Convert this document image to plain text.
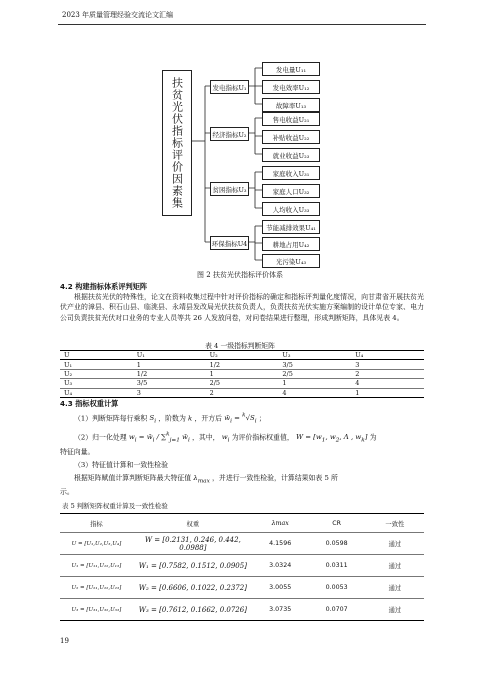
2023 年质量管理经验交流论文汇编
扶贫光伏指标评价因素集	发电指标U₁
经济指标U₂
贫困指标U₃
环保指标U4
发电量U₁₁
发电效率U₁₂
故障率U₁₃
售电收益U₂₁
补贴收益U₂₂
就业收益U₂₃
家庭收入U₃₁
家庭人口U₃₂
人均收入U₃₃
节能减排效果U₄₁
耕地占用U₄₂
光污染U₄₃
图 2 扶贫光伏指标评价体系
4.2 构建指标体系评判矩阵
根据扶贫光伏的特殊性，论文在资料收集过程中针对评价指标的确定和指标评判量化度情况，向甘肃省开展扶贫光伏产业的漳县、积石山县、临洮县、永靖县发改局光伏扶贫负责人，负责扶贫光伏实施方案编制的设计单位专家、电力公司负责扶贫光伏对口业务的专业人员等共 26 人发放问卷，对问卷结果进行整理，形成判断矩阵，具体见表 4。
表 4 一级指标判断矩阵
U	U₁	U₂	U₃	U₄
U₁	1	1/2	3/5	3
U₂	1/2	1	2/5	2
U₃	3/5	2/5	1	4
U₄	3	2	4	1
4.3 指标权重计算
（1）判断矩阵每行乘积 $S_i$ ，阶数为 k ，开方后 $w̄_i = ^k√S_i$ ；
（2）归一化处理 $w_i$ = $w̄_i / \sum^k_{j=1}$ $w̄_i$ ，其中， $w_i$ 为评价指标权重值， $W = [w_1$, $w_2$, Λ , $w_k$] 为
特征向量。
（3）特征值计算和一致性检验
根据矩阵赋值计算判断矩阵最大特征值 $\lambda_{max}$ ，并进行一致性检验，计算结果如表 5 所
示。
表 5 判断矩阵权重计算及一致性检验
指标	权重	λmax	CR	一致性
U = [U₁,U₂,U₃,U₄]	W = [0.2131, 0.246, 0.442, 0.0988]	4.1596	0.0598	通过
U₁ = [U₁₁,U₁₂,U₁₃]	W₁ = [0.7582, 0.1512, 0.0905]	3.0324	0.0311	通过
U₂ = [U₂₁,U₂₂,U₂₃]	W₂ = [0.6606, 0.1022, 0.2372]	3.0055	0.0053	通过
U₃ = [U₃₁,U₃₂,U₃₃]	W₃ = [0.7612, 0.1662, 0.0726]	3.0735	0.0707	通过
19
